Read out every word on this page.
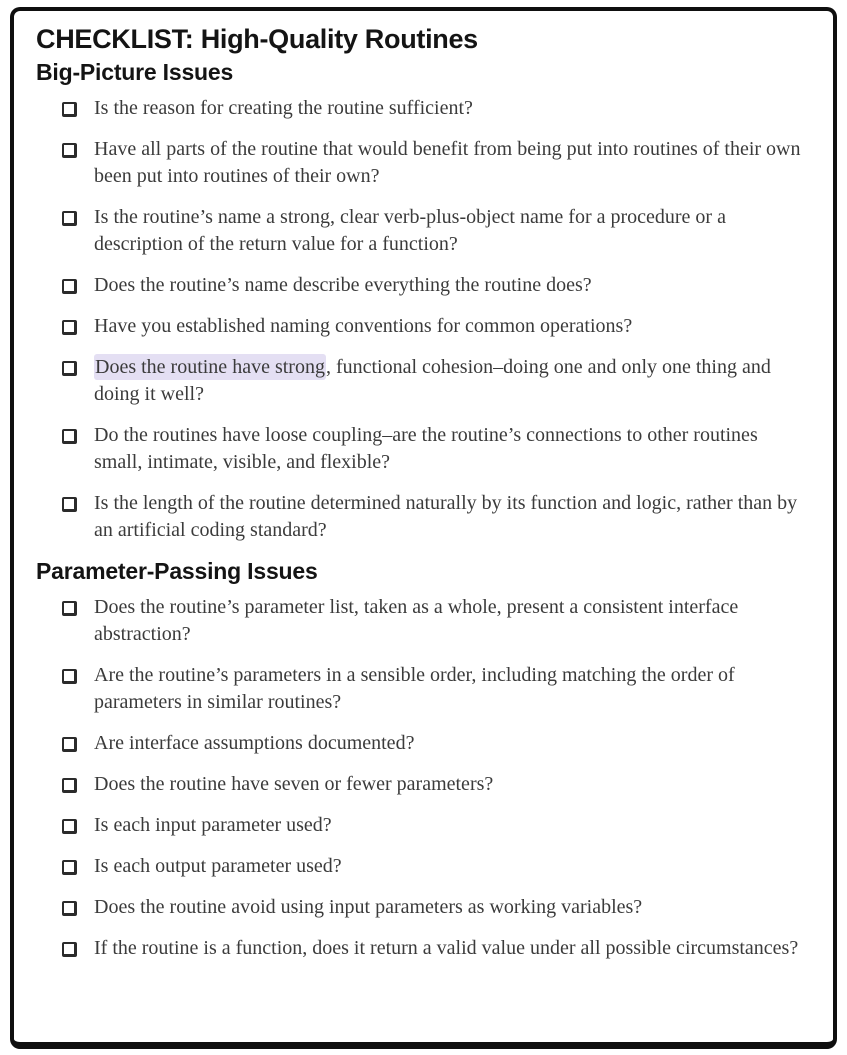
CHECKLIST: High-Quality Routines
Big-Picture Issues
Is the reason for creating the routine sufficient?
Have all parts of the routine that would benefit from being put into routines of their own been put into routines of their own?
Is the routine’s name a strong, clear verb-plus-object name for a procedure or a description of the return value for a function?
Does the routine’s name describe everything the routine does?
Have you established naming conventions for common operations?
Does the routine have strong, functional cohesion–doing one and only one thing and doing it well?
Do the routines have loose coupling–are the routine’s connections to other routines small, intimate, visible, and flexible?
Is the length of the routine determined naturally by its function and logic, rather than by an artificial coding standard?
Parameter-Passing Issues
Does the routine’s parameter list, taken as a whole, present a consistent interface abstraction?
Are the routine’s parameters in a sensible order, including matching the order of parameters in similar routines?
Are interface assumptions documented?
Does the routine have seven or fewer parameters?
Is each input parameter used?
Is each output parameter used?
Does the routine avoid using input parameters as working variables?
If the routine is a function, does it return a valid value under all possible circumstances?
